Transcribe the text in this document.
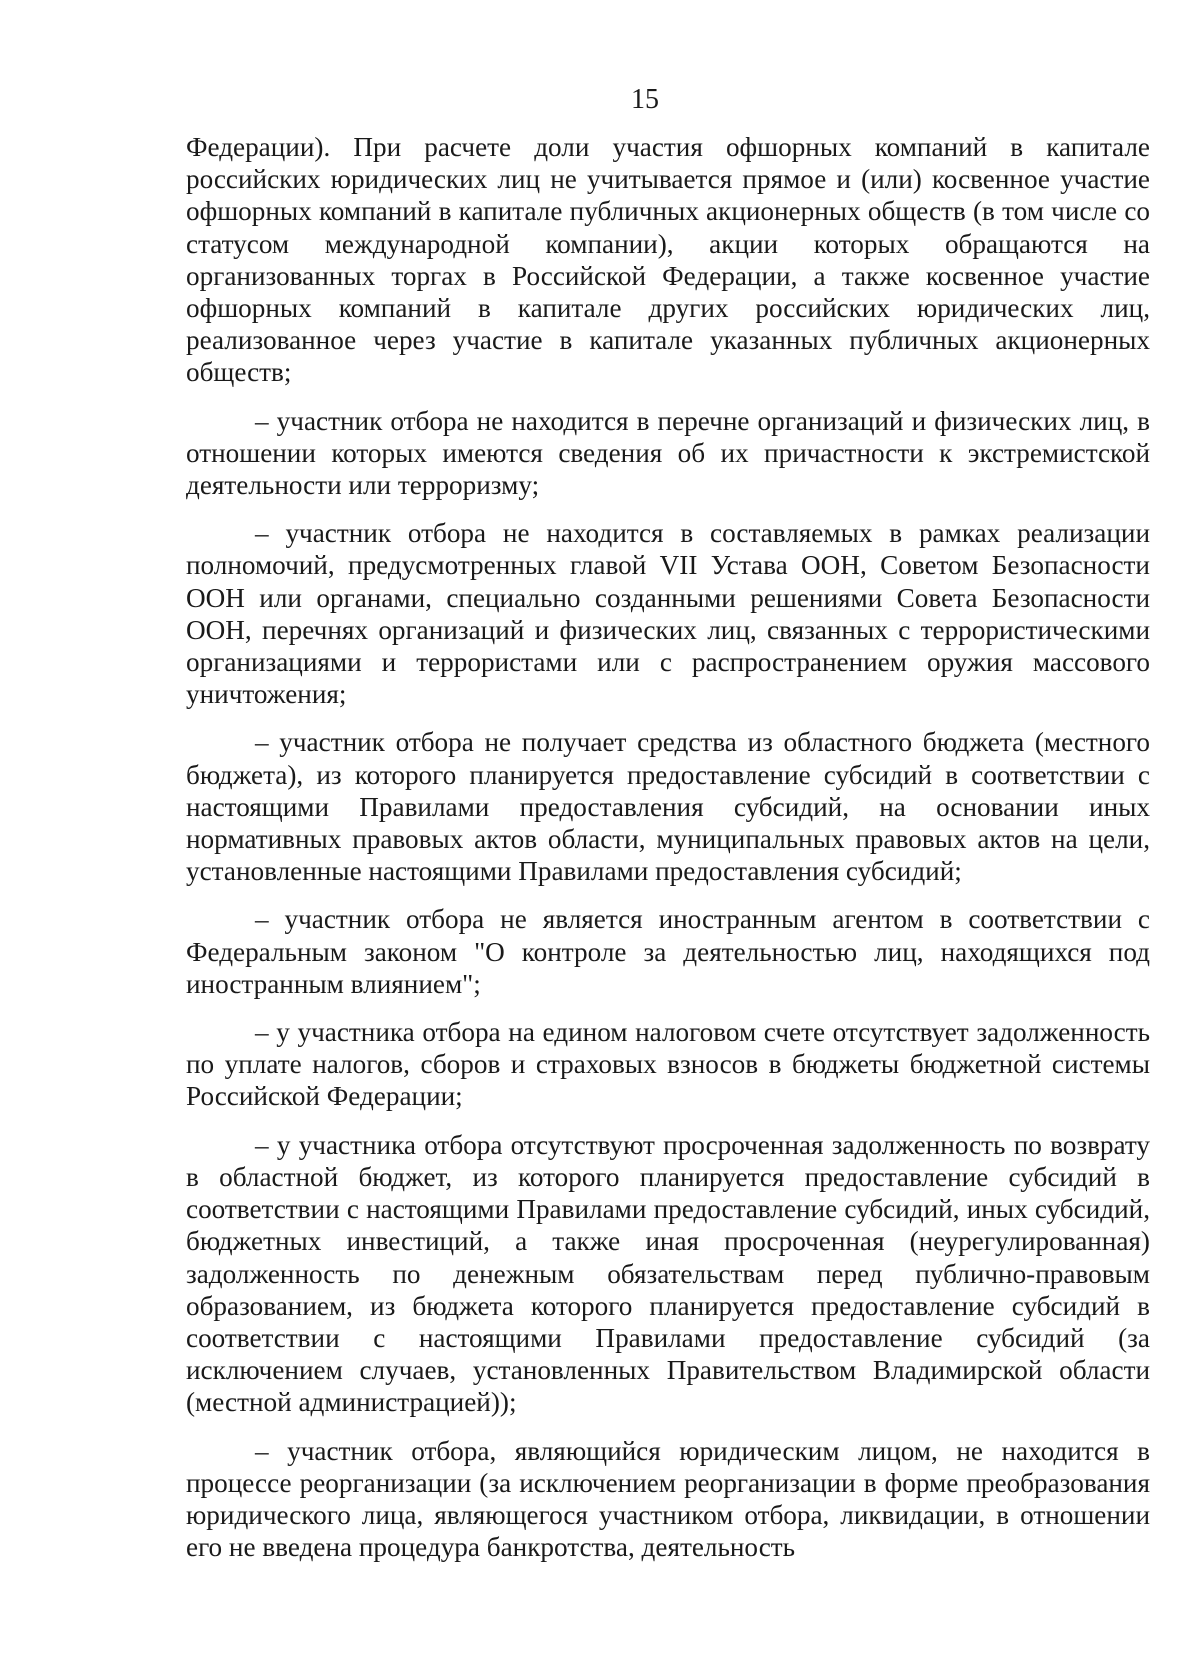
15

Федерации). При расчете доли участия офшорных компаний в капитале российских юридических лиц не учитывается прямое и (или) косвенное участие офшорных компаний в капитале публичных акционерных обществ (в том числе со статусом международной компании), акции которых обращаются на организованных торгах в Российской Федерации, а также косвенное участие офшорных компаний в капитале других российских юридических лиц, реализованное через участие в капитале указанных публичных акционерных обществ;

– участник отбора не находится в перечне организаций и физических лиц, в отношении которых имеются сведения об их причастности к экстремистской деятельности или терроризму;

– участник отбора не находится в составляемых в рамках реализации полномочий, предусмотренных главой VII Устава ООН, Советом Безопасности ООН или органами, специально созданными решениями Совета Безопасности ООН, перечнях организаций и физических лиц, связанных с террористическими организациями и террористами или с распространением оружия массового уничтожения;

– участник отбора не получает средства из областного бюджета (местного бюджета), из которого планируется предоставление субсидий в соответствии с настоящими Правилами предоставления субсидий, на основании иных нормативных правовых актов области, муниципальных правовых актов на цели, установленные настоящими Правилами предоставления субсидий;

– участник отбора не является иностранным агентом в соответствии с Федеральным законом "О контроле за деятельностью лиц, находящихся под иностранным влиянием";

– у участника отбора на едином налоговом счете отсутствует задолженность по уплате налогов, сборов и страховых взносов в бюджеты бюджетной системы Российской Федерации;

– у участника отбора отсутствуют просроченная задолженность по возврату в областной бюджет, из которого планируется предоставление субсидий в соответствии с настоящими Правилами предоставление субсидий, иных субсидий, бюджетных инвестиций, а также иная просроченная (неурегулированная) задолженность по денежным обязательствам перед публично-правовым образованием, из бюджета которого планируется предоставление субсидий в соответствии с настоящими Правилами предоставление субсидий (за исключением случаев, установленных Правительством Владимирской области (местной администрацией));

– участник отбора, являющийся юридическим лицом, не находится в процессе реорганизации (за исключением реорганизации в форме преобразования юридического лица, являющегося участником отбора, ликвидации, в отношении его не введена процедура банкротства, деятельность
